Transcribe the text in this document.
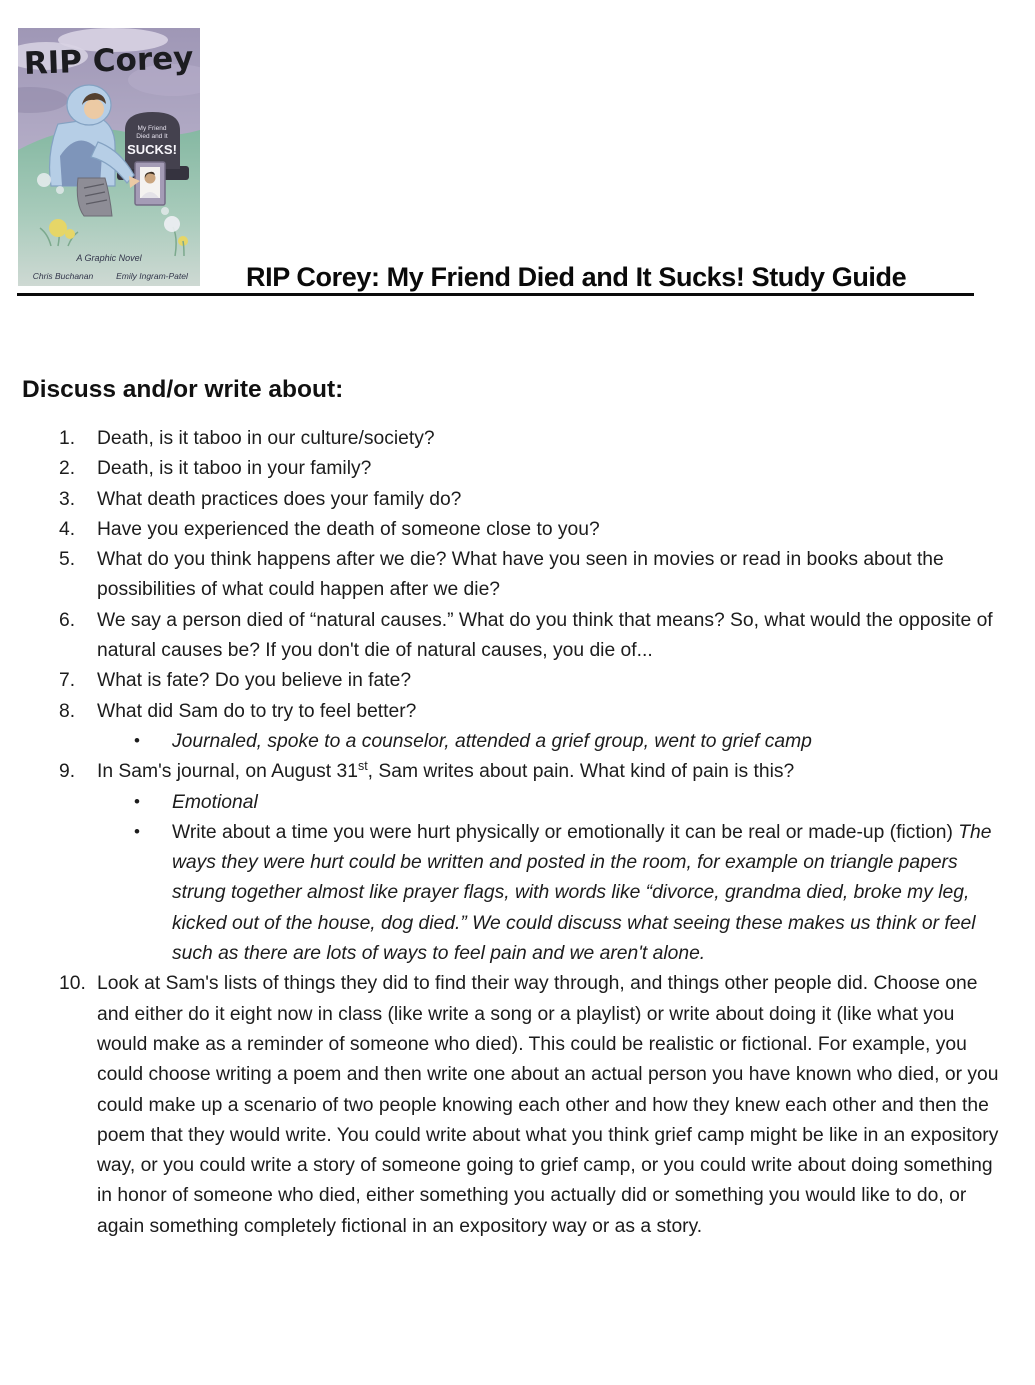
RIP Corey
My Friend
Died and It
SUCKS!
A Graphic Novel
Chris Buchanan	Emily Ingram-Patel RIP Corey: My Friend Died and It Sucks! Study Guide
Discuss and/or write about:
1. Death, is it taboo in our culture/society?
2. Death, is it taboo in your family?
3. What death practices does your family do?
4. Have you experienced the death of someone close to you?
5. What do you think happens after we die? What have you seen in movies or read in books about the possibilities of what could happen after we die?
6. We say a person died of “natural causes.” What do you think that means? So, what would the opposite of natural causes be? If you don't die of natural causes, you die of...
7. What is fate? Do you believe in fate?
8. What did Sam do to try to feel better?
• Journaled, spoke to a counselor, attended a grief group, went to grief camp
9. In Sam's journal, on August 31st, Sam writes about pain. What kind of pain is this?
• Emotional
• Write about a time you were hurt physically or emotionally it can be real or made-up (fiction) The ways they were hurt could be written and posted in the room, for example on triangle papers strung together almost like prayer flags, with words like “divorce, grandma died, broke my leg, kicked out of the house, dog died.” We could discuss what seeing these makes us think or feel such as there are lots of ways to feel pain and we aren't alone.
10. Look at Sam's lists of things they did to find their way through, and things other people did. Choose one and either do it eight now in class (like write a song or a playlist) or write about doing it (like what you would make as a reminder of someone who died). This could be realistic or fictional. For example, you could choose writing a poem and then write one about an actual person you have known who died, or you could make up a scenario of two people knowing each other and how they knew each other and then the poem that they would write. You could write about what you think grief camp might be like in an expository way, or you could write a story of someone going to grief camp, or you could write about doing something in honor of someone who died, either something you actually did or something you would like to do, or again something completely fictional in an expository way or as a story.
